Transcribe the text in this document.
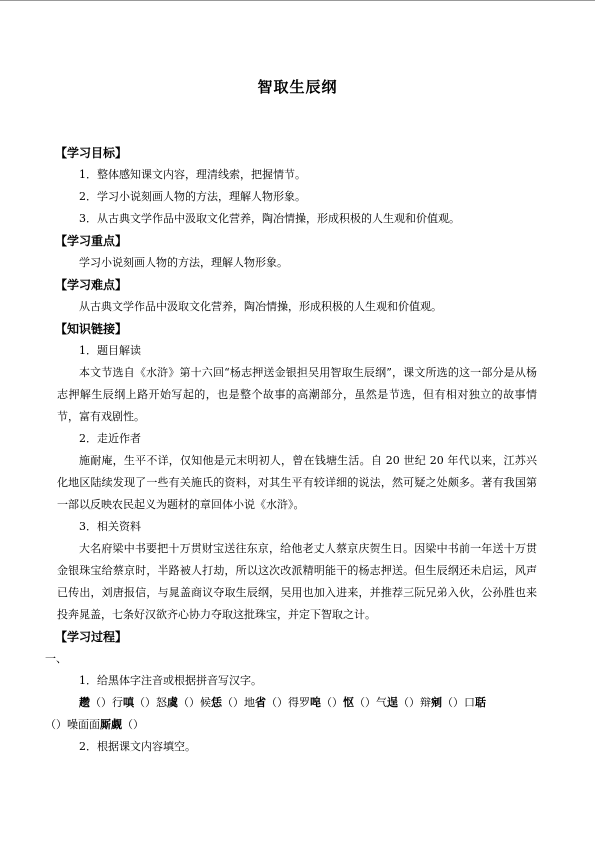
智取生辰纲
【学习目标】
1．整体感知课文内容，理清线索，把握情节。
2．学习小说刻画人物的方法，理解人物形象。
3．从古典文学作品中汲取文化营养，陶冶情操，形成积极的人生观和价值观。
【学习重点】
学习小说刻画人物的方法，理解人物形象。
【学习难点】
从古典文学作品中汲取文化营养，陶冶情操，形成积极的人生观和价值观。
【知识链接】
1．题目解读
本文节选自《水浒》第十六回“杨志押送金银担吴用智取生辰纲”，课文所选的这一部分是从杨志押解生辰纲上路开始写起的，也是整个故事的高潮部分，虽然是节选，但有相对独立的故事情节，富有戏剧性。
2．走近作者
施耐庵，生平不详，仅知他是元末明初人，曾在钱塘生活。自 20 世纪 20 年代以来，江苏兴化地区陆续发现了一些有关施氏的资料，对其生平有较详细的说法，然可疑之处颇多。著有我国第一部以反映农民起义为题材的章回体小说《水浒》。
3．相关资料
大名府梁中书要把十万贯财宝送往东京，给他老丈人蔡京庆贺生日。因梁中书前一年送十万贯金银珠宝给蔡京时，半路被人打劫，所以这次改派精明能干的杨志押送。但生辰纲还未启运，风声已传出，刘唐报信，与晁盖商议夺取生辰纲，吴用也加入进来，并推荐三阮兄弟入伙，公孙胜也来投奔晁盖，七条好汉欲齐心协力夺取这批珠宝，并定下智取之计。
【学习过程】
一、
1．给黑体字注音或根据拼音写汉字。
趱（）行嗔（）怒虞（）候恁（）地省（）得罗唣（）怄（）气逞（）辩剜（）口聒
（）噪面面厮觑（）
2．根据课文内容填空。
